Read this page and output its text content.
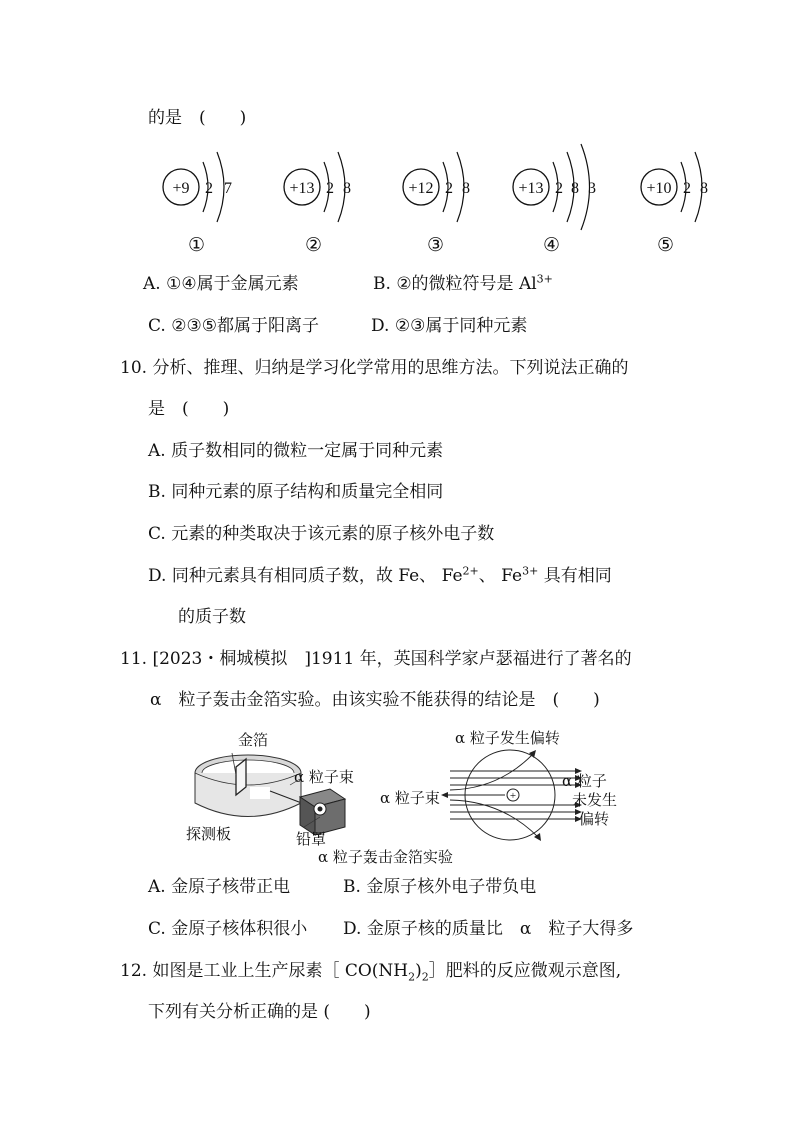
的是　 (　　)
+9 2 7	+13 2 8	+12 2 8	+13 2 8 3	+10 2 8
①	②	③	④	⑤
A. ①④属于金属元素	B. ②的微粒符号是 $Al^{3+}$
C. ②③⑤都属于阳离子	D. ②③属于同种元素
10. 分析、推理、归纳是学习化学常用的思维方法。下列说法正确的
是　 (　　)
A. 质子数相同的微粒一定属于同种元素
B. 同种元素的原子结构和质量完全相同
C. 元素的种类取决于该元素的原子核外电子数
D. 同种元素具有相同质子数，故 Fe、 $Fe^{2+}$、 $Fe^{3+}$ 具有相同
的质子数
11. [2023・桐城模拟　]1911 年，英国科学家卢瑟福进行了著名的
α　粒子轰击金箔实验。由该实验不能获得的结论是　 (　　)
+
金箔
α 粒子束
探测板	铅罩
α 粒子轰击金箔实验
α 粒子发生偏转
α 粒子束
α 粒子
未发生
偏转
A. 金原子核带正电	B. 金原子核外电子带负电
C. 金原子核体积很小 D. 金原子核的质量比　α　粒子大得多
12. 如图是工业上生产尿素［ $CO(NH_2)_2]$肥料的反应微观示意图,
下列有关分析正确的是 (　　)
